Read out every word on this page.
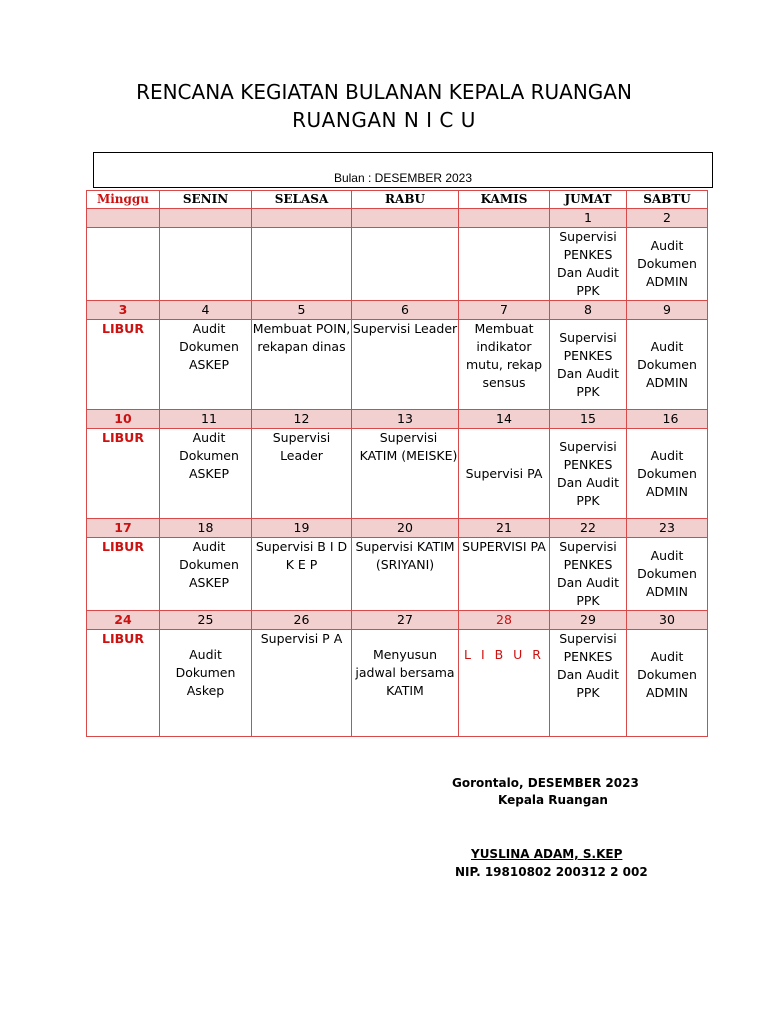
RENCANA KEGIATAN BULANAN KEPALA RUANGAN
RUANGAN N I C U
Bulan : DESEMBER 2023
Minggu	SENIN	SELASA	RABU	KAMIS	JUMAT	SABTU
					1	2
					Supervisi PENKES Dan Audit PPK	Audit Dokumen ADMIN
3	4	5	6	7	8	9
LIBUR	Audit Dokumen ASKEP	Membuat POIN, rekapan dinas	Supervisi Leader	Membuat indikator mutu, rekap sensus	Supervisi PENKES Dan Audit PPK	Audit Dokumen ADMIN
10	11	12	13	14	15	16
LIBUR	Audit Dokumen ASKEP	Supervisi Leader	Supervisi KATIM (MEISKE)	Supervisi PA	Supervisi PENKES Dan Audit PPK	Audit Dokumen ADMIN
17	18	19	20	21	22	23
LIBUR	Audit Dokumen ASKEP	Supervisi B I D K E P	Supervisi KATIM (SRIYANI)	SUPERVISI PA	Supervisi PENKES Dan Audit PPK	Audit Dokumen ADMIN
24	25	26	27	28	29	30
LIBUR	Audit Dokumen Askep	Supervisi P A	Menyusun jadwal bersama KATIM	L I B U R	Supervisi PENKES Dan Audit PPK	Audit Dokumen ADMIN
Gorontalo, DESEMBER 2023
Kepala Ruangan
YUSLINA ADAM, S.KEP
NIP. 19810802 200312 2 002
